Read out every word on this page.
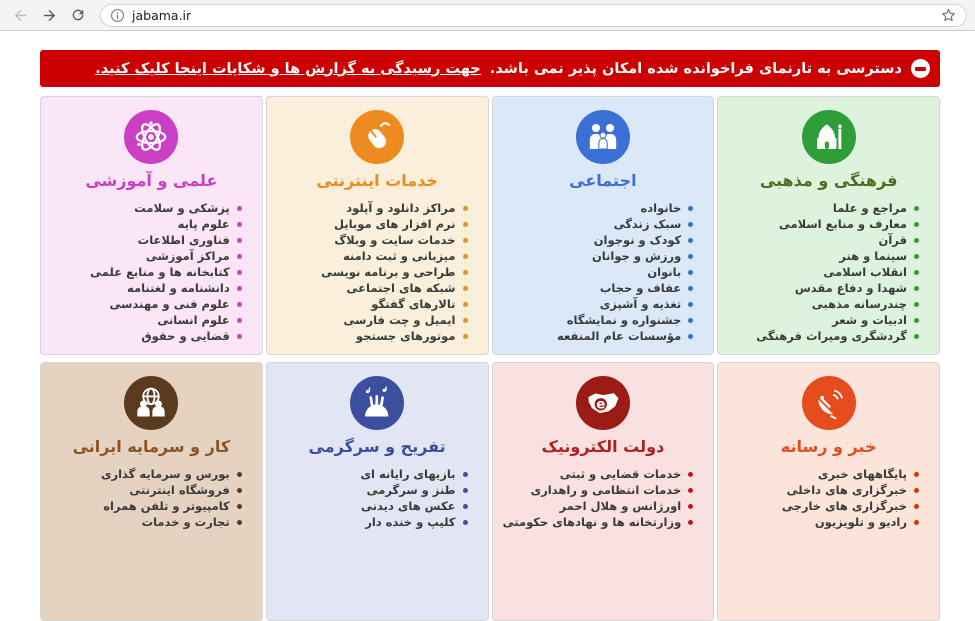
jabama.ir
دسترسی به تارنمای فراخوانده شده امکان پذیر نمی باشد.
جهت رسیدگی به گزارش ها و شکایات اینجا کلیک کنید.
فرهنگی و مذهبی
مراجع و علما
معارف و منابع اسلامی
قرآن
سینما و هنر
انقلاب اسلامی
شهدا و دفاع مقدس
چندرسانه مذهبی
ادبیات و شعر
گردشگری ومیراث فرهنگی
اجتماعی
خانواده
سبک زندگی
کودک و نوجوان
ورزش و جوانان
بانوان
عفاف و حجاب
تغذیه و آشپزی
جشنواره و نمایشگاه
مؤسسات عام المنفعه
خدمات اینترنتی
مراکز دانلود و آپلود
نرم افزار های موبایل
خدمات سایت و وبلاگ
میزبانی و ثبت دامنه
طراحی و برنامه نویسی
شبکه های اجتماعی
تالارهای گفتگو
ایمیل و چت فارسی
موتورهای جستجو
علمی و آموزشی
پزشکی و سلامت
علوم پایه
فناوری اطلاعات
مراکز آموزشی
کتابخانه ها و منابع علمی
دانشنامه و لغتنامه
علوم فنی و مهندسی
علوم انسانی
قضایی و حقوق
خبر و رسانه
پایگاههای خبری
خبرگزاری های داخلی
خبرگزاری های خارجی
رادیو و تلویزیون
e
دولت الکترونیک
خدمات قضایی و ثبتی
خدمات انتظامی و راهداری
اورژانس و هلال احمر
وزارتخانه ها و نهادهای حکومتی
تفریح و سرگرمی
بازیهای رایانه ای
طنز و سرگرمی
عکس های دیدنی
کلیپ و خنده دار
کار و سرمایه ایرانی
بورس و سرمایه گذاری
فروشگاه اینترنتی
کامپیوتر و تلفن همراه
تجارت و خدمات
